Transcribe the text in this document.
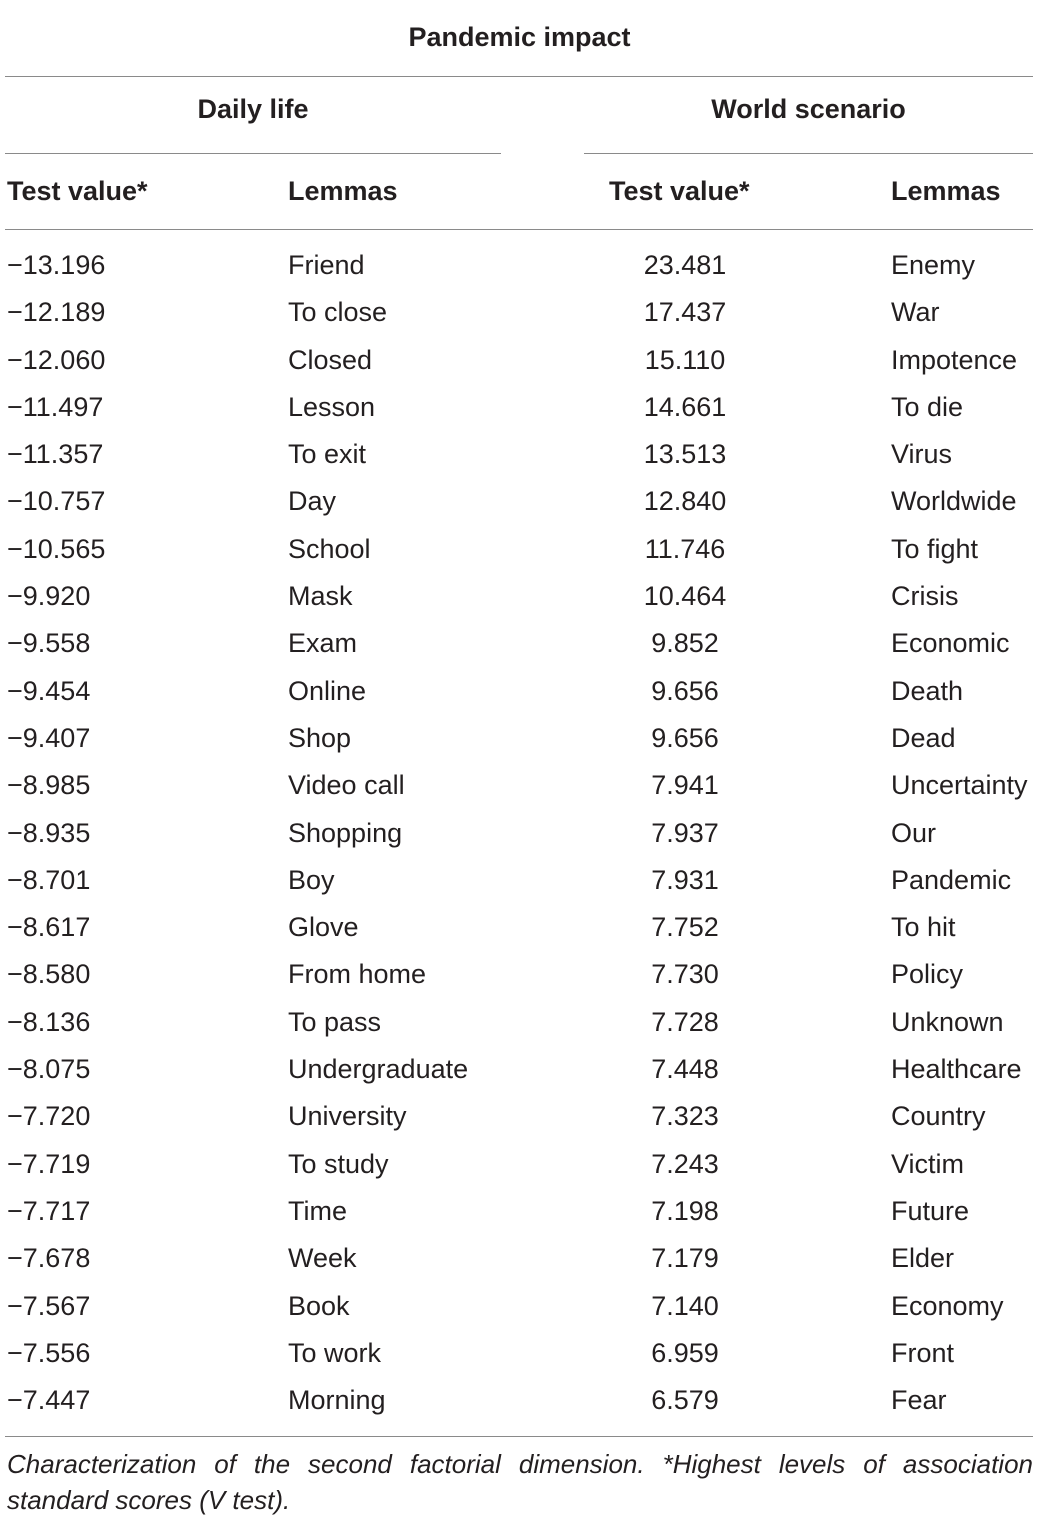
Pandemic impact
Daily life	World scenario
Test value*	Lemmas	Test value*	Lemmas
−13.196	Friend	23.481	Enemy
−12.189	To close	17.437	War
−12.060	Closed	15.110	Impotence
−11.497	Lesson	14.661	To die
−11.357	To exit	13.513	Virus
−10.757	Day	12.840	Worldwide
−10.565	School	11.746	To fight
−9.920	Mask	10.464	Crisis
−9.558	Exam	9.852	Economic
−9.454	Online	9.656	Death
−9.407	Shop	9.656	Dead
−8.985	Video call	7.941	Uncertainty
−8.935	Shopping	7.937	Our
−8.701	Boy	7.931	Pandemic
−8.617	Glove	7.752	To hit
−8.580	From home	7.730	Policy
−8.136	To pass	7.728	Unknown
−8.075	Undergraduate	7.448	Healthcare
−7.720	University	7.323	Country
−7.719	To study	7.243	Victim
−7.717	Time	7.198	Future
−7.678	Week	7.179	Elder
−7.567	Book	7.140	Economy
−7.556	To work	6.959	Front
−7.447	Morning	6.579	Fear
Characterization of the second factorial dimension. *Highest levels of association standard scores (V test).
